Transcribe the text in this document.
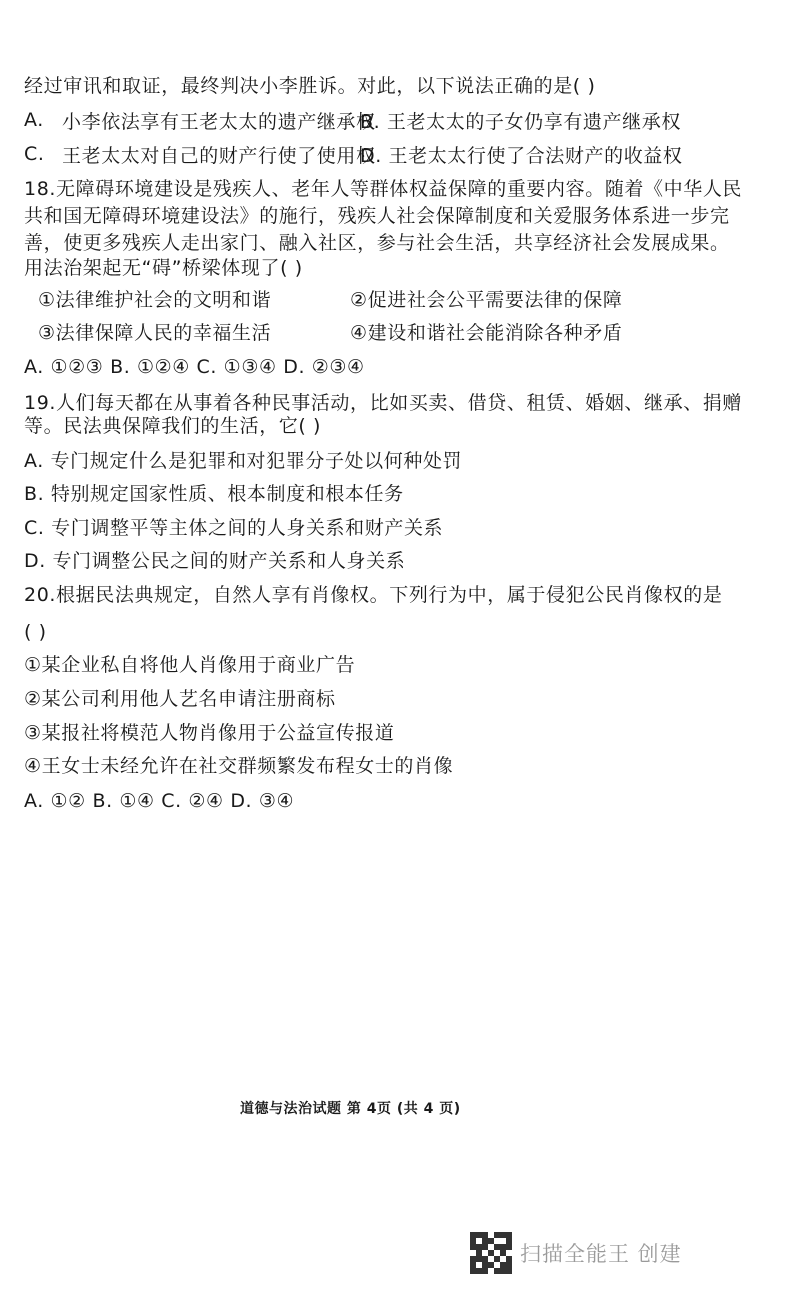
经过审讯和取证，最终判决小李胜诉。对此，以下说法正确的是( )
A. 小李依法享有王老太太的遗产继承权
B. 王老太太的子女仍享有遗产继承权
C. 王老太太对自己的财产行使了使用权
D. 王老太太行使了合法财产的收益权
18.无障碍环境建设是残疾人、老年人等群体权益保障的重要内容。随着《中华人民
共和国无障碍环境建设法》的施行，残疾人社会保障制度和关爱服务体系进一步完
善，使更多残疾人走出家门、融入社区，参与社会生活，共享经济社会发展成果。
用法治架起无“碍”桥梁体现了( )
①法律维护社会的文明和谐	②促进社会公平需要法律的保障
③法律保障人民的幸福生活	④建设和谐社会能消除各种矛盾
A. ①②③ B. ①②④ C. ①③④ D. ②③④
19.人们每天都在从事着各种民事活动，比如买卖、借贷、租赁、婚姻、继承、捐赠
等。民法典保障我们的生活，它( )
A. 专门规定什么是犯罪和对犯罪分子处以何种处罚
B. 特别规定国家性质、根本制度和根本任务
C. 专门调整平等主体之间的人身关系和财产关系
D. 专门调整公民之间的财产关系和人身关系
20.根据民法典规定，自然人享有肖像权。下列行为中，属于侵犯公民肖像权的是
( )
①某企业私自将他人肖像用于商业广告
②某公司利用他人艺名申请注册商标
③某报社将模范人物肖像用于公益宣传报道
④王女士未经允许在社交群频繁发布程女士的肖像
A. ①② B. ①④ C. ②④ D. ③④
道德与法治试题 第 4页 (共 4 页)
扫描全能王 创建
